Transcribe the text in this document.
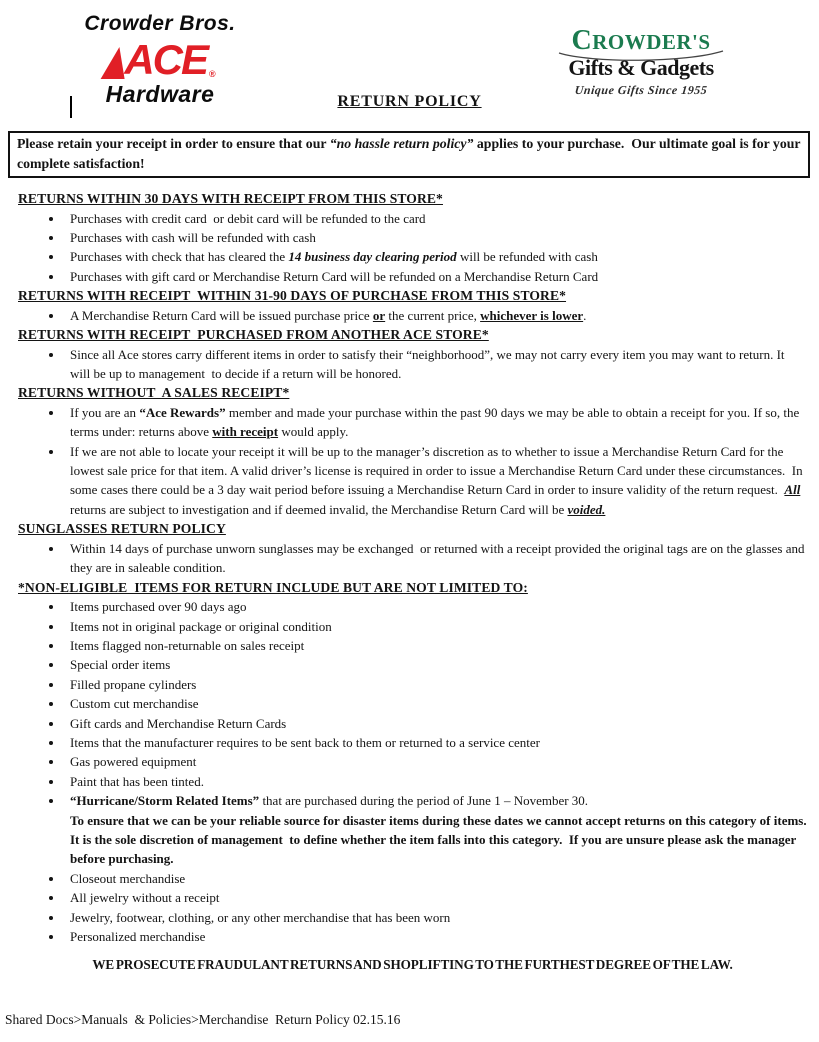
Crowder Bros.
ACE ®
Hardware
CROWDER'S
Gifts & Gadgets
Unique Gifts Since 1955
RETURN POLICY
Please retain your receipt in order to ensure that our “no hassle return policy” applies to your purchase.  Our ultimate goal is for your complete satisfaction!
RETURNS WITHIN 30 DAYS WITH RECEIPT FROM THIS STORE*
• Purchases with credit card  or debit card will be refunded to the card
• Purchases with cash will be refunded with cash
• Purchases with check that has cleared the 14 business day clearing period will be refunded with cash
• Purchases with gift card or Merchandise Return Card will be refunded on a Merchandise Return Card
RETURNS WITH RECEIPT  WITHIN 31-90 DAYS OF PURCHASE FROM THIS STORE*
• A Merchandise Return Card will be issued purchase price or the current price, whichever is lower.
RETURNS WITH RECEIPT  PURCHASED FROM ANOTHER ACE STORE*
• Since all Ace stores carry different items in order to satisfy their “neighborhood”, we may not carry every item you may want to return. It will be up to management  to decide if a return will be honored.
RETURNS WITHOUT  A SALES RECEIPT*
• If you are an “Ace Rewards” member and made your purchase within the past 90 days we may be able to obtain a receipt for you. If so, the terms under: returns above with receipt would apply.
• If we are not able to locate your receipt it will be up to the manager’s discretion as to whether to issue a Merchandise Return Card for the lowest sale price for that item. A valid driver’s license is required in order to issue a Merchandise Return Card under these circumstances.  In some cases there could be a 3 day wait period before issuing a Merchandise Return Card in order to insure validity of the return request.  All returns are subject to investigation and if deemed invalid, the Merchandise Return Card will be voided.
SUNGLASSES RETURN POLICY
• Within 14 days of purchase unworn sunglasses may be exchanged  or returned with a receipt provided the original tags are on the glasses and they are in saleable condition.
*NON-ELIGIBLE  ITEMS FOR RETURN INCLUDE BUT ARE NOT LIMITED TO:
• Items purchased over 90 days ago
• Items not in original package or original condition
• Items flagged non-returnable on sales receipt
• Special order items
• Filled propane cylinders
• Custom cut merchandise
• Gift cards and Merchandise Return Cards
• Items that the manufacturer requires to be sent back to them or returned to a service center
• Gas powered equipment
• Paint that has been tinted.
• “Hurricane/Storm Related Items” that are purchased during the period of June 1 – November 30.
To ensure that we can be your reliable source for disaster items during these dates we cannot accept returns on this category of items. It is the sole discretion of management  to define whether the item falls into this category.  If you are unsure please ask the manager  before purchasing.
• Closeout merchandise
• All jewelry without a receipt
• Jewelry, footwear, clothing, or any other merchandise that has been worn
• Personalized merchandise
WE PROSECUTE FRAUDULANT RETURNS AND SHOPLIFTING TO THE FURTHEST DEGREE OF THE LAW.
Shared Docs>Manuals  & Policies>Merchandise  Return Policy 02.15.16
